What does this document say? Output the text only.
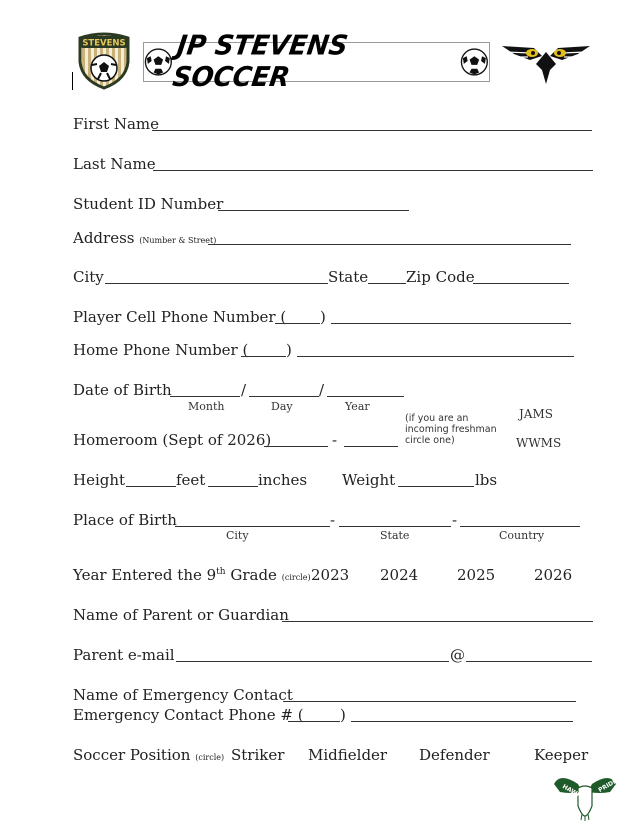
STEVENS JP STEVENS SOCCER
First Name
Last Name
Student ID Number
Address (Number & Street)
City	State	Zip Code
Player Cell Phone Number ( )
Home Phone Number (	)
Date of Birth	/	/
Month	Day	Year
Homeroom (Sept of 2026)	-
(if you are an incoming freshman circle one)
JAMS
WWMS
Height	feet	inches Weight	lbs
Place of Birth	-	-
City	State	Country
Year Entered the 9th Grade (circle) 2023 2024	2025	2026
Name of Parent or Guardian
Parent e-mail	@
Name of Emergency Contact
Emergency Contact Phone # ( )
Soccer Position (circle) Striker Midfielder Defender	Keeper
HAWK PRIDE
